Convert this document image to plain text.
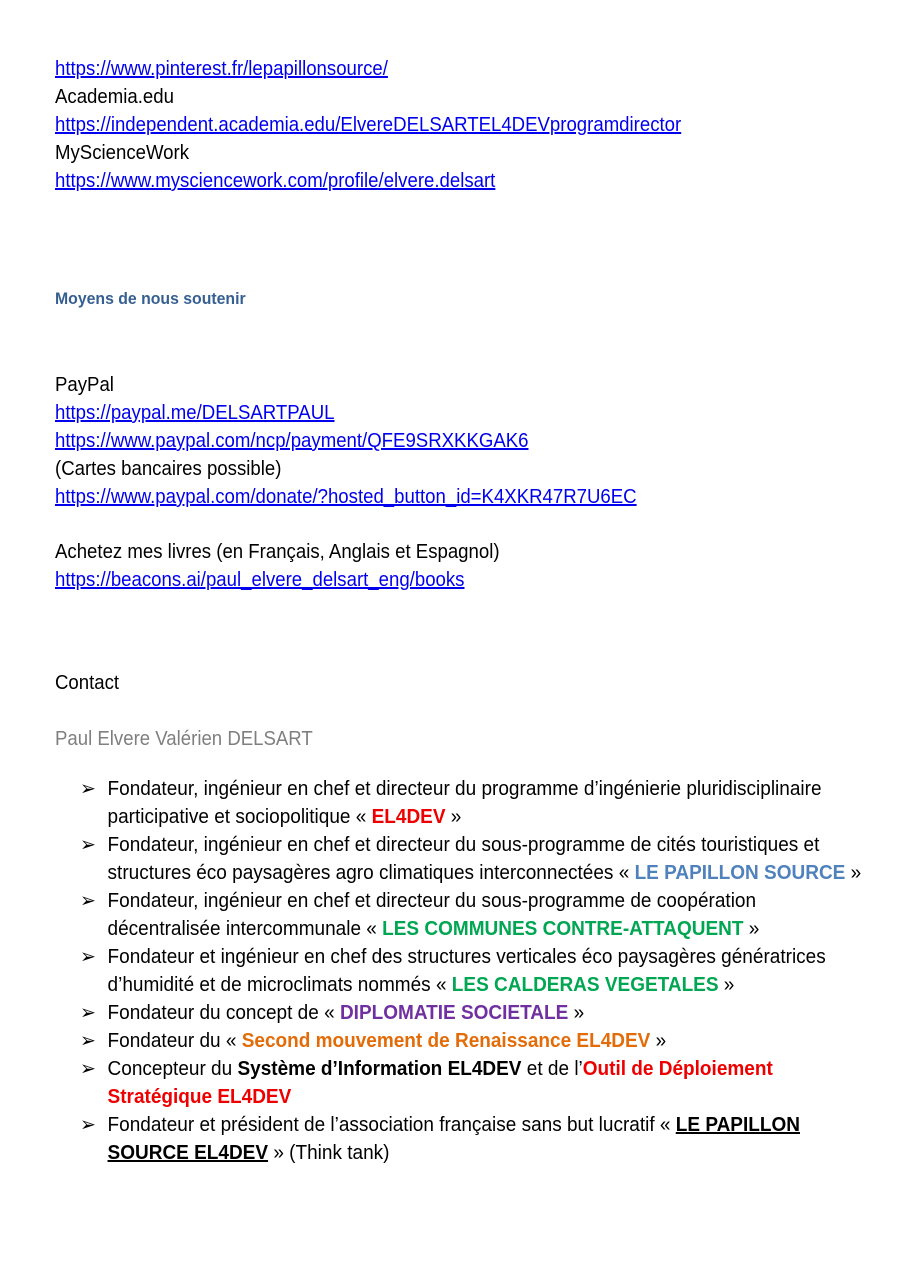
https://www.pinterest.fr/lepapillonsource/
Academia.edu
https://independent.academia.edu/ElvereDELSARTEL4DEVprogramdirector
MyScienceWork
https://www.mysciencework.com/profile/elvere.delsart
Moyens de nous soutenir
PayPal
https://paypal.me/DELSARTPAUL
https://www.paypal.com/ncp/payment/QFE9SRXKKGAK6
(Cartes bancaires possible)
https://www.paypal.com/donate/?hosted_button_id=K4XKR47R7U6EC
Achetez mes livres (en Français, Anglais et Espagnol)
https://beacons.ai/paul_elvere_delsart_eng/books
Contact
Paul Elvere Valérien DELSART
➢ Fondateur, ingénieur en chef et directeur du programme d’ingénierie pluridisciplinaire participative et sociopolitique « EL4DEV »
➢ Fondateur, ingénieur en chef et directeur du sous-programme de cités touristiques et structures éco paysagères agro climatiques interconnectées « LE PAPILLON SOURCE »
➢ Fondateur, ingénieur en chef et directeur du sous-programme de coopération décentralisée intercommunale « LES COMMUNES CONTRE-ATTAQUENT »
➢ Fondateur et ingénieur en chef des structures verticales éco paysagères génératrices d’humidité et de microclimats nommés « LES CALDERAS VEGETALES »
➢ Fondateur du concept de « DIPLOMATIE SOCIETALE »
➢ Fondateur du « Second mouvement de Renaissance EL4DEV »
➢ Concepteur du Système d’Information EL4DEV et de l’Outil de Déploiement Stratégique EL4DEV
➢ Fondateur et président de l’association française sans but lucratif « LE PAPILLON SOURCE EL4DEV » (Think tank)
